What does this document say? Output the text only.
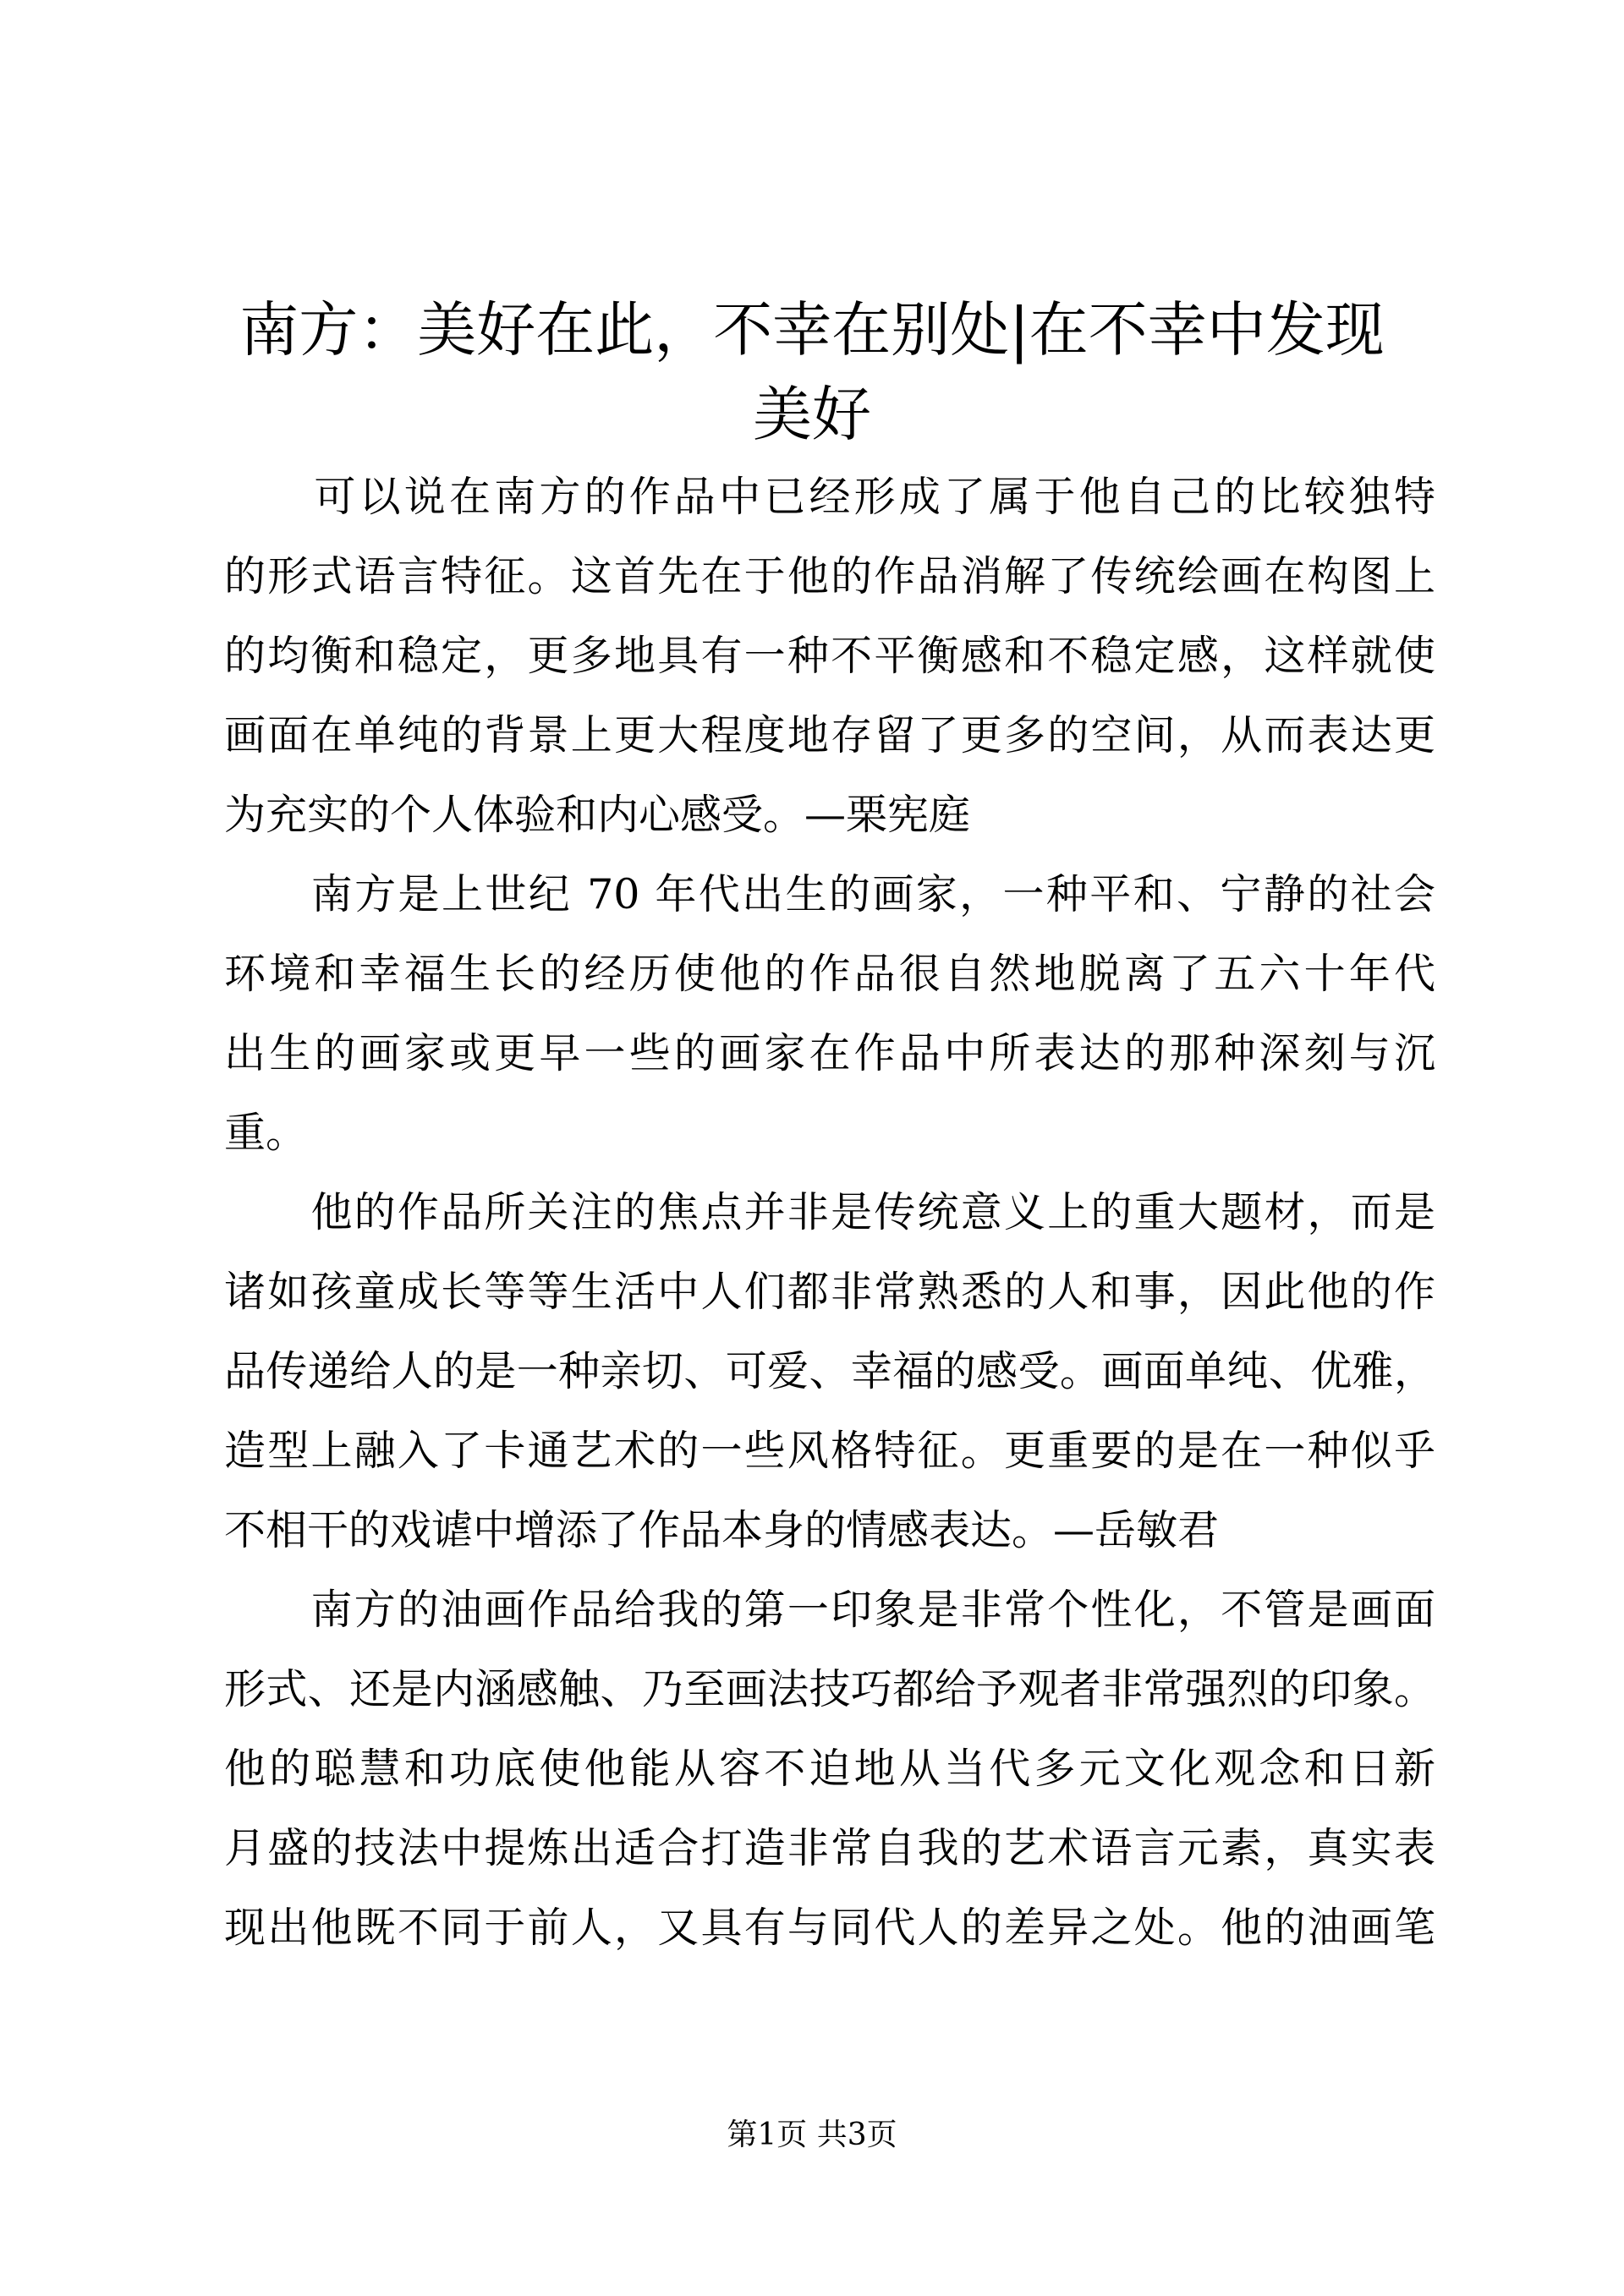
南方：美好在此，不幸在别处|在不幸中发现
美好
　　可以说在南方的作品中已经形成了属于他自己的比较独特
的形式语言特征。这首先在于他的作品消解了传统绘画在构图上
的均衡和稳定，更多地具有一种不平衡感和不稳定感，这样就使
画面在单纯的背景上更大程度地存留了更多的空间，从而表达更
为充实的个人体验和内心感受。—栗宪庭
　　南方是上世纪 70 年代出生的画家，一种平和、宁静的社会
环境和幸福生长的经历使他的作品很自然地脱离了五六十年代
出生的画家或更早一些的画家在作品中所表达的那种深刻与沉
重。
　　他的作品所关注的焦点并非是传统意义上的重大题材，而是
诸如孩童成长等等生活中人们都非常熟悉的人和事，因此他的作
品传递给人的是一种亲切、可爱、幸福的感受。画面单纯、优雅，
造型上融入了卡通艺术的一些风格特征。更重要的是在一种似乎
不相干的戏谑中增添了作品本身的情感表达。—岳敏君
　　南方的油画作品给我的第一印象是非常个性化，不管是画面
形式、还是内涵感触、乃至画法技巧都给予观者非常强烈的印象。
他的聪慧和功底使他能从容不迫地从当代多元文化观念和日新
月盛的技法中提炼出适合打造非常自我的艺术语言元素，真实表
现出他既不同于前人，又具有与同代人的差异之处。他的油画笔
第1页 共3页
